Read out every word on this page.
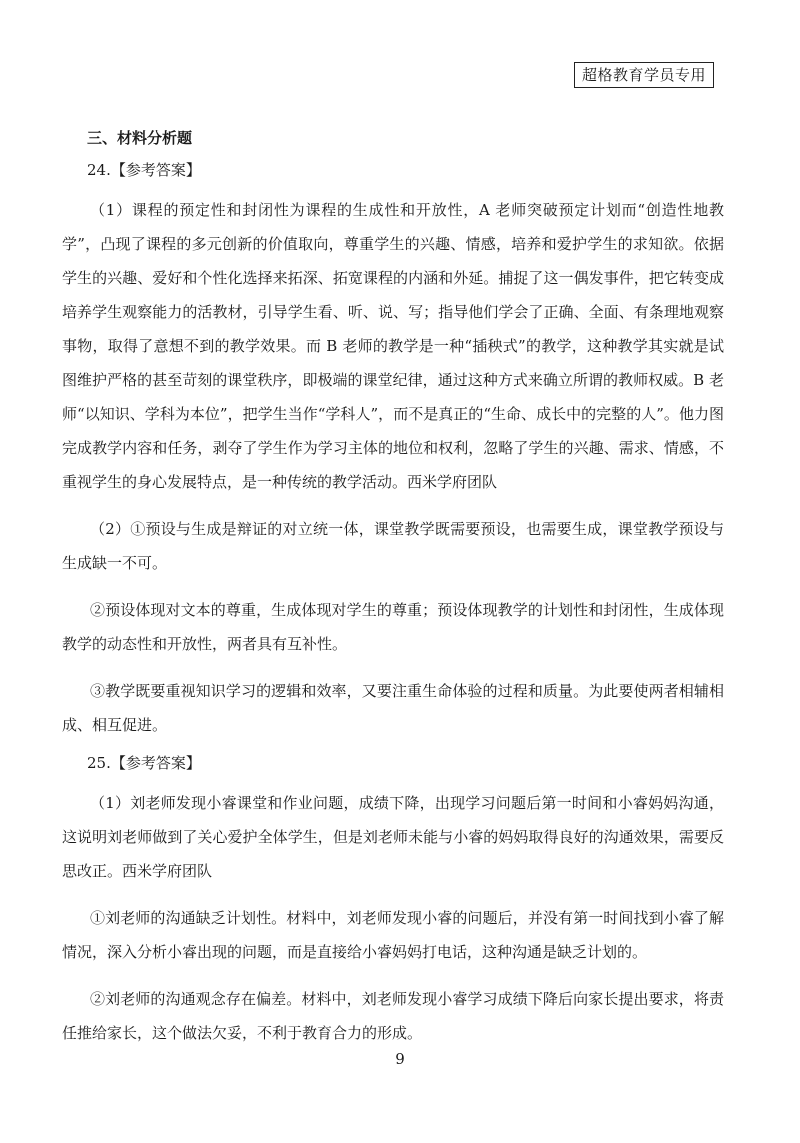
超格教育学员专用
三、材料分析题
24.【参考答案】

（1）课程的预定性和封闭性为课程的生成性和开放性，A 老师突破预定计划而“创造性地教学”，凸现了课程的多元创新的价值取向，尊重学生的兴趣、情感，培养和爱护学生的求知欲。依据学生的兴趣、爱好和个性化选择来拓深、拓宽课程的内涵和外延。捕捉了这一偶发事件，把它转变成培养学生观察能力的活教材，引导学生看、听、说、写；指导他们学会了正确、全面、有条理地观察事物，取得了意想不到的教学效果。而 B 老师的教学是一种“插秧式”的教学，这种教学其实就是试图维护严格的甚至苛刻的课堂秩序，即极端的课堂纪律，通过这种方式来确立所谓的教师权威。B 老师“以知识、学科为本位”，把学生当作“学科人”，而不是真正的“生命、成长中的完整的人”。他力图完成教学内容和任务，剥夺了学生作为学习主体的地位和权利，忽略了学生的兴趣、需求、情感，不重视学生的身心发展特点，是一种传统的教学活动。西米学府团队

（2）①预设与生成是辩证的对立统一体，课堂教学既需要预设，也需要生成，课堂教学预设与生成缺一不可。

②预设体现对文本的尊重，生成体现对学生的尊重；预设体现教学的计划性和封闭性，生成体现教学的动态性和开放性，两者具有互补性。

③教学既要重视知识学习的逻辑和效率，又要注重生命体验的过程和质量。为此要使两者相辅相成、相互促进。

25.【参考答案】

（1）刘老师发现小睿课堂和作业问题，成绩下降，出现学习问题后第一时间和小睿妈妈沟通，这说明刘老师做到了关心爱护全体学生，但是刘老师未能与小睿的妈妈取得良好的沟通效果，需要反思改正。西米学府团队

①刘老师的沟通缺乏计划性。材料中，刘老师发现小睿的问题后，并没有第一时间找到小睿了解情况，深入分析小睿出现的问题，而是直接给小睿妈妈打电话，这种沟通是缺乏计划的。

②刘老师的沟通观念存在偏差。材料中，刘老师发现小睿学习成绩下降后向家长提出要求，将责任推给家长，这个做法欠妥，不利于教育合力的形成。

9
